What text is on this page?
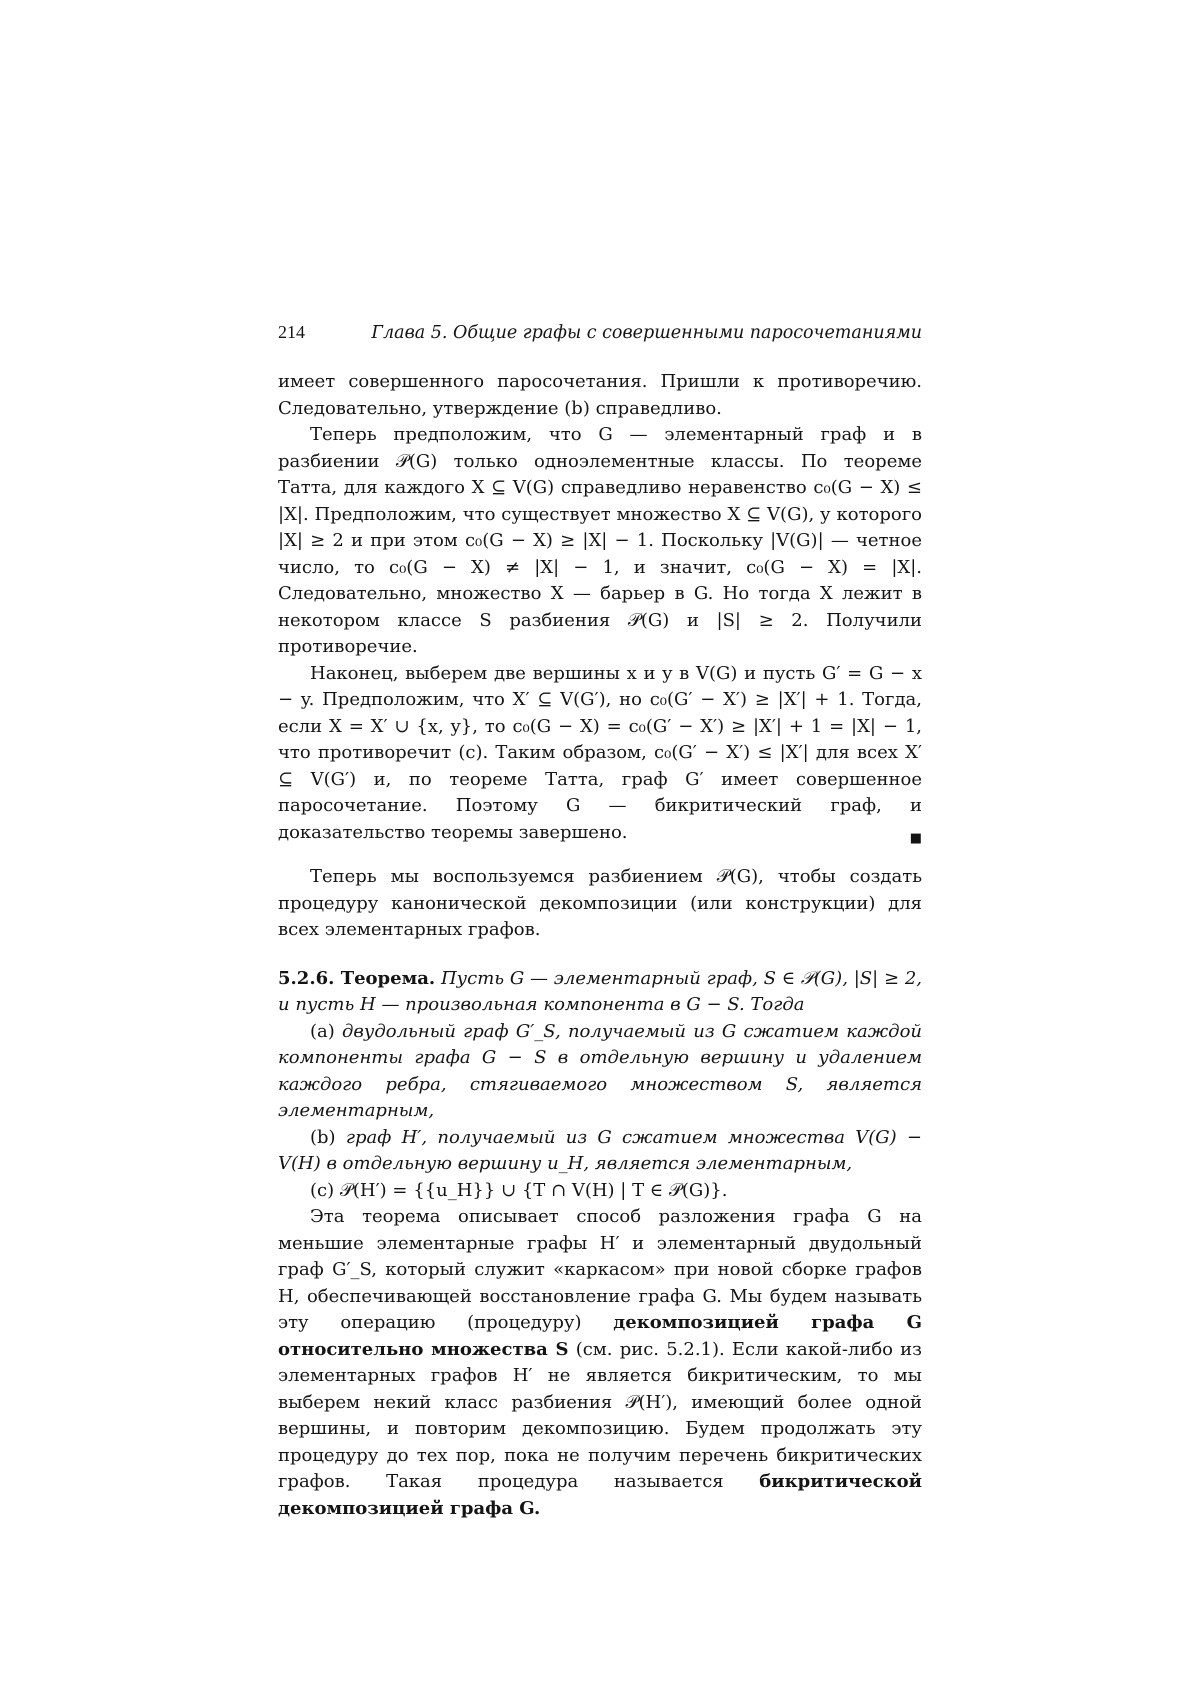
214	Глава 5. Общие графы с совершенными паросочетаниями

имеет совершенного паросочетания. Пришли к противоречию. Следовательно, утверждение (b) справедливо.

Теперь предположим, что G — элементарный граф и в разбиении 𝒫(G) только одноэлементные классы. По теореме Татта, для каждого X ⊆ V(G) справедливо неравенство c₀(G − X) ≤ |X|. Предположим, что существует множество X ⊆ V(G), у которого |X| ≥ 2 и при этом c₀(G − X) ≥ |X| − 1. Поскольку |V(G)| — четное число, то c₀(G − X) ≠ |X| − 1, и значит, c₀(G − X) = |X|. Следовательно, множество X — барьер в G. Но тогда X лежит в некотором классе S разбиения 𝒫(G) и |S| ≥ 2. Получили противоречие.

Наконец, выберем две вершины x и y в V(G) и пусть G′ = G − x − y. Предположим, что X′ ⊆ V(G′), но c₀(G′ − X′) ≥ |X′| + 1. Тогда, если X = X′ ∪ {x, y}, то c₀(G − X) = c₀(G′ − X′) ≥ |X′| + 1 = |X| − 1, что противоречит (c). Таким образом, c₀(G′ − X′) ≤ |X′| для всех X′ ⊆ V(G′) и, по теореме Татта, граф G′ имеет совершенное паросочетание. Поэтому G — бикритический граф, и доказательство теоремы завершено.	■

Теперь мы воспользуемся разбиением 𝒫(G), чтобы создать процедуру канонической декомпозиции (или конструкции) для всех элементарных графов.

5.2.6. Теорема. Пусть G — элементарный граф, S ∈ 𝒫(G), |S| ≥ 2, и пусть H — произвольная компонента в G − S. Тогда

(a) двудольный граф G′_S, получаемый из G сжатием каждой компоненты графа G − S в отдельную вершину и удалением каждого ребра, стягиваемого множеством S, является элементарным,

(b) граф H′, получаемый из G сжатием множества V(G) − V(H) в отдельную вершину u_H, является элементарным,

(c) 𝒫(H′) = {{u_H}} ∪ {T ∩ V(H) | T ∈ 𝒫(G)}.

Эта теорема описывает способ разложения графа G на меньшие элементарные графы H′ и элементарный двудольный граф G′_S, который служит «каркасом» при новой сборке графов H, обеспечивающей восстановление графа G. Мы будем называть эту операцию (процедуру) декомпозицией графа G относительно множества S (см. рис. 5.2.1). Если какой-либо из элементарных графов H′ не является бикритическим, то мы выберем некий класс разбиения 𝒫(H′), имеющий более одной вершины, и повторим декомпозицию. Будем продолжать эту процедуру до тех пор, пока не получим перечень бикритических графов. Такая процедура называется бикритической декомпозицией графа G.
